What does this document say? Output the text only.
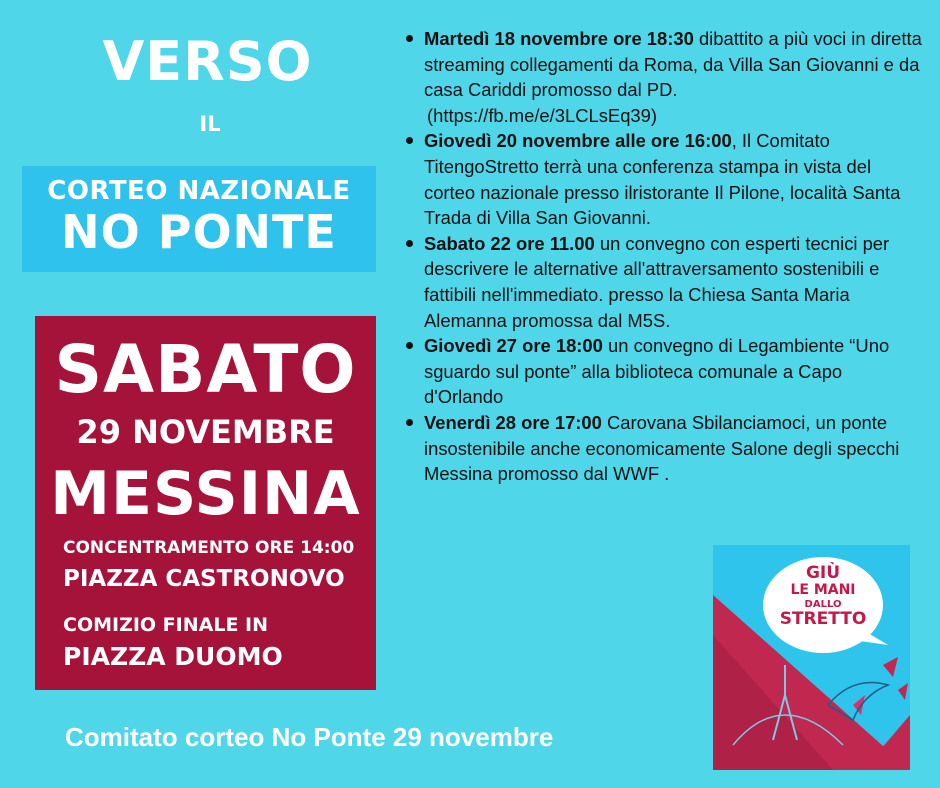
VERSO
IL
CORTEO NAZIONALE
NO PONTE
SABATO
29 NOVEMBRE
MESSINA
CONCENTRAMENTO ORE 14:00
PIAZZA CASTRONOVO
COMIZIO FINALE IN
PIAZZA DUOMO
Martedì 18 novembre ore 18:30 dibattito a più voci in diretta streaming collegamenti da Roma, da Villa San Giovanni e da casa Cariddi promosso dal PD.
(https://fb.me/e/3LCLsEq39)
Giovedì 20 novembre alle ore 16:00, Il Comitato TitengoStretto terrà una conferenza stampa in vista del corteo nazionale presso ilristorante Il Pilone, località Santa Trada di Villa San Giovanni.
Sabato 22 ore 11.00 un convegno con esperti tecnici per descrivere le alternative all'attraversamento sostenibili e fattibili nell'immediato. presso la Chiesa Santa Maria Alemanna promossa dal M5S.
Giovedì 27 ore 18:00 un convegno di Legambiente “Uno sguardo sul ponte” alla biblioteca comunale a Capo d'Orlando
Venerdì 28 ore 17:00 Carovana Sbilanciamoci, un ponte insostenibile anche economicamente Salone degli specchi Messina promosso dal WWF .
Comitato corteo No Ponte 29 novembre
GIÙ
LE MANI
DALLO
STRETTO
